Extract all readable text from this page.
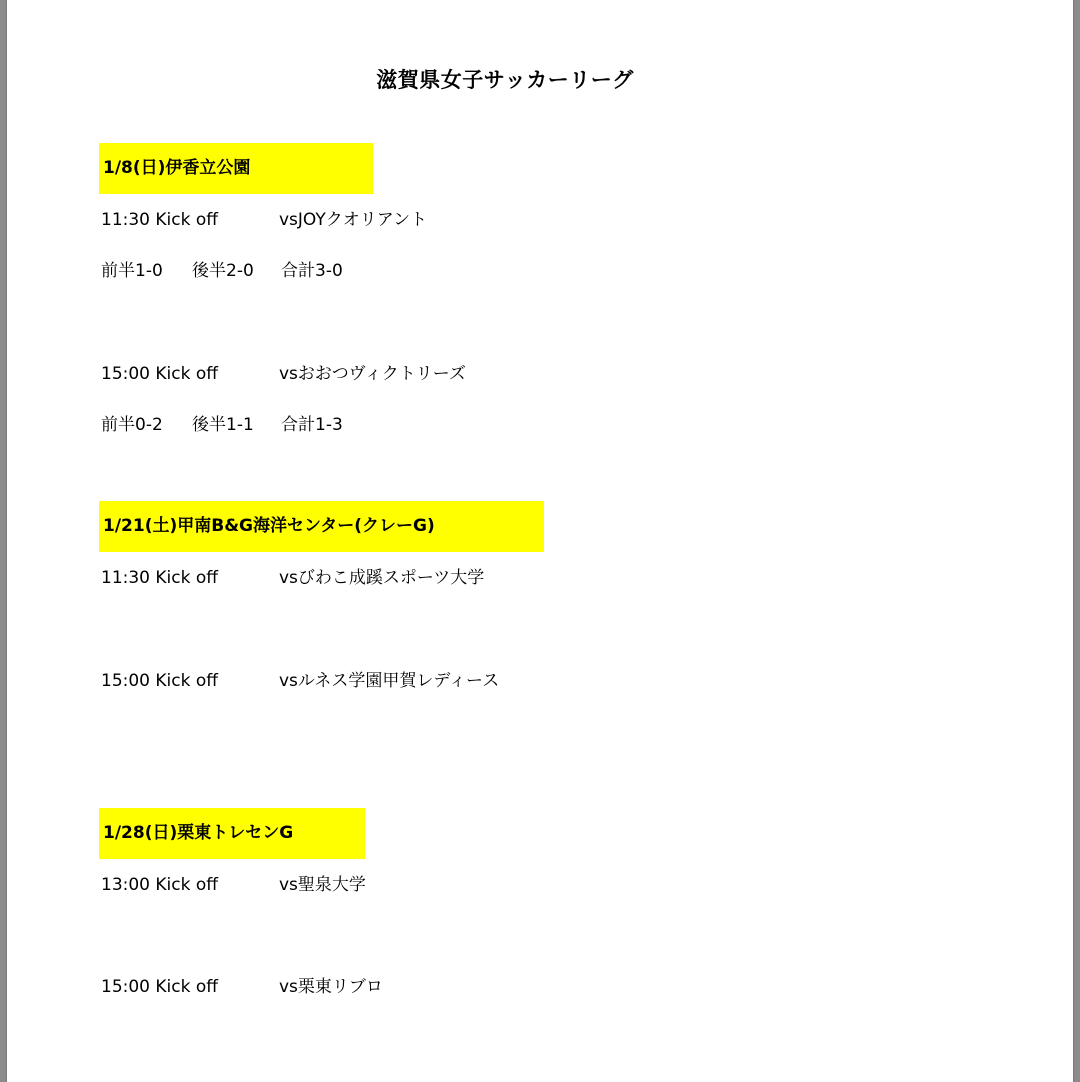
滋賀県女子サッカーリーグ
1/8(日)伊香立公園
11:30 Kick off	vsJOYクオリアント
前半1-0 後半2-0 合計3-0
15:00 Kick off	vsおおつヴィクトリーズ
前半0-2 後半1-1 合計1-3
1/21(土)甲南B&G海洋センター(クレーG)
11:30 Kick off	vsびわこ成蹊スポーツ大学
15:00 Kick off	vsルネス学園甲賀レディース
1/28(日)栗東トレセンG
13:00 Kick off	vs聖泉大学
15:00 Kick off	vs栗東リブロ
